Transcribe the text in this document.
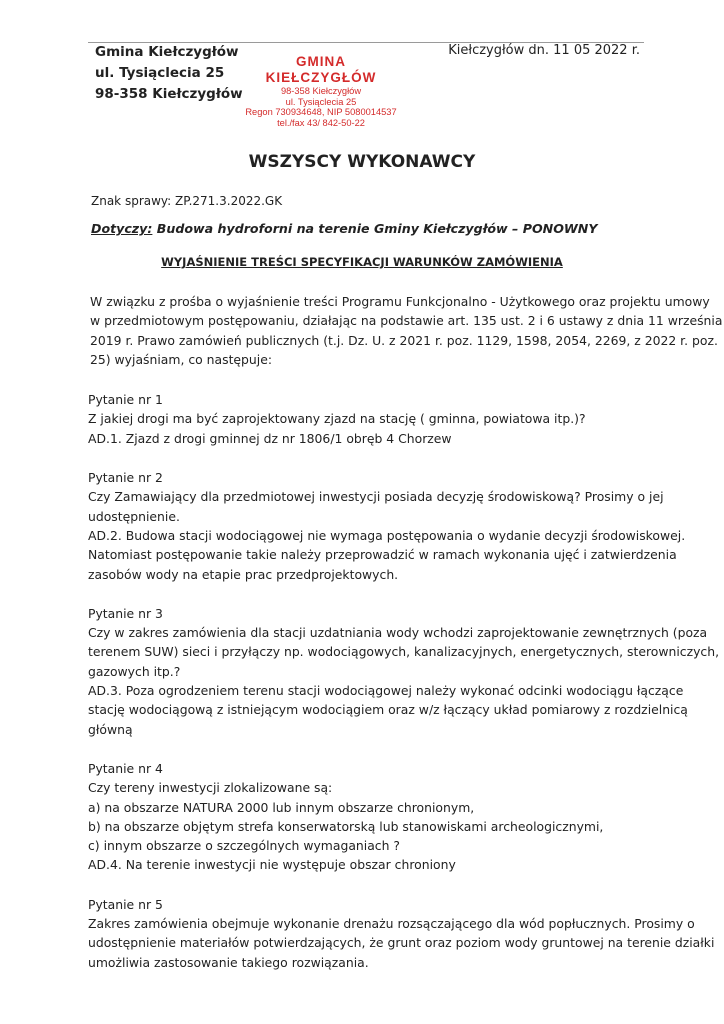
Gmina Kiełczygłów
ul. Tysiąclecia 25
98-358 Kiełczygłów
GMINA KIEŁCZYGŁÓW
98-358 Kiełczygłów
ul. Tysiąclecia 25
Regon 730934648, NIP 5080014537
tel./fax 43/ 842-50-22
Kiełczygłów dn. 11 05 2022 r.
WSZYSCY WYKONAWCY
Znak sprawy: ZP.271.3.2022.GK
Dotyczy: Budowa hydroforni na terenie Gminy Kiełczygłów – PONOWNY
WYJAŚNIENIE TREŚCI SPECYFIKACJI WARUNKÓW ZAMÓWIENIA
W związku z prośba o wyjaśnienie treści Programu Funkcjonalno - Użytkowego oraz projektu umowy
w przedmiotowym postępowaniu, działając na podstawie art. 135 ust. 2 i 6 ustawy z dnia 11 września
2019 r. Prawo zamówień publicznych (t.j. Dz. U. z 2021 r. poz. 1129, 1598, 2054, 2269, z 2022 r. poz.
25) wyjaśniam, co następuje:
Pytanie nr 1
Z jakiej drogi ma być zaprojektowany zjazd na stację ( gminna, powiatowa itp.)?
AD.1. Zjazd z drogi gminnej dz nr 1806/1 obręb 4 Chorzew
Pytanie nr 2
Czy Zamawiający dla przedmiotowej inwestycji posiada decyzję środowiskową? Prosimy o jej
udostępnienie.
AD.2. Budowa stacji wodociągowej nie wymaga postępowania o wydanie decyzji środowiskowej.
Natomiast postępowanie takie należy przeprowadzić w ramach wykonania ujęć i zatwierdzenia
zasobów wody na etapie prac przedprojektowych.
Pytanie nr 3
Czy w zakres zamówienia dla stacji uzdatniania wody wchodzi zaprojektowanie zewnętrznych (poza
terenem SUW) sieci i przyłączy np. wodociągowych, kanalizacyjnych, energetycznych, sterowniczych,
gazowych itp.?
AD.3. Poza ogrodzeniem terenu stacji wodociągowej należy wykonać odcinki wodociągu łączące
stację wodociągową z istniejącym wodociągiem oraz w/z łączący układ pomiarowy z rozdzielnicą
główną
Pytanie nr 4
Czy tereny inwestycji zlokalizowane są:
a) na obszarze NATURA 2000 lub innym obszarze chronionym,
b) na obszarze objętym strefa konserwatorską lub stanowiskami archeologicznymi,
c) innym obszarze o szczególnych wymaganiach ?
AD.4. Na terenie inwestycji nie występuje obszar chroniony
Pytanie nr 5
Zakres zamówienia obejmuje wykonanie drenażu rozsączającego dla wód popłucznych. Prosimy o
udostępnienie materiałów potwierdzających, że grunt oraz poziom wody gruntowej na terenie działki
umożliwia zastosowanie takiego rozwiązania.
